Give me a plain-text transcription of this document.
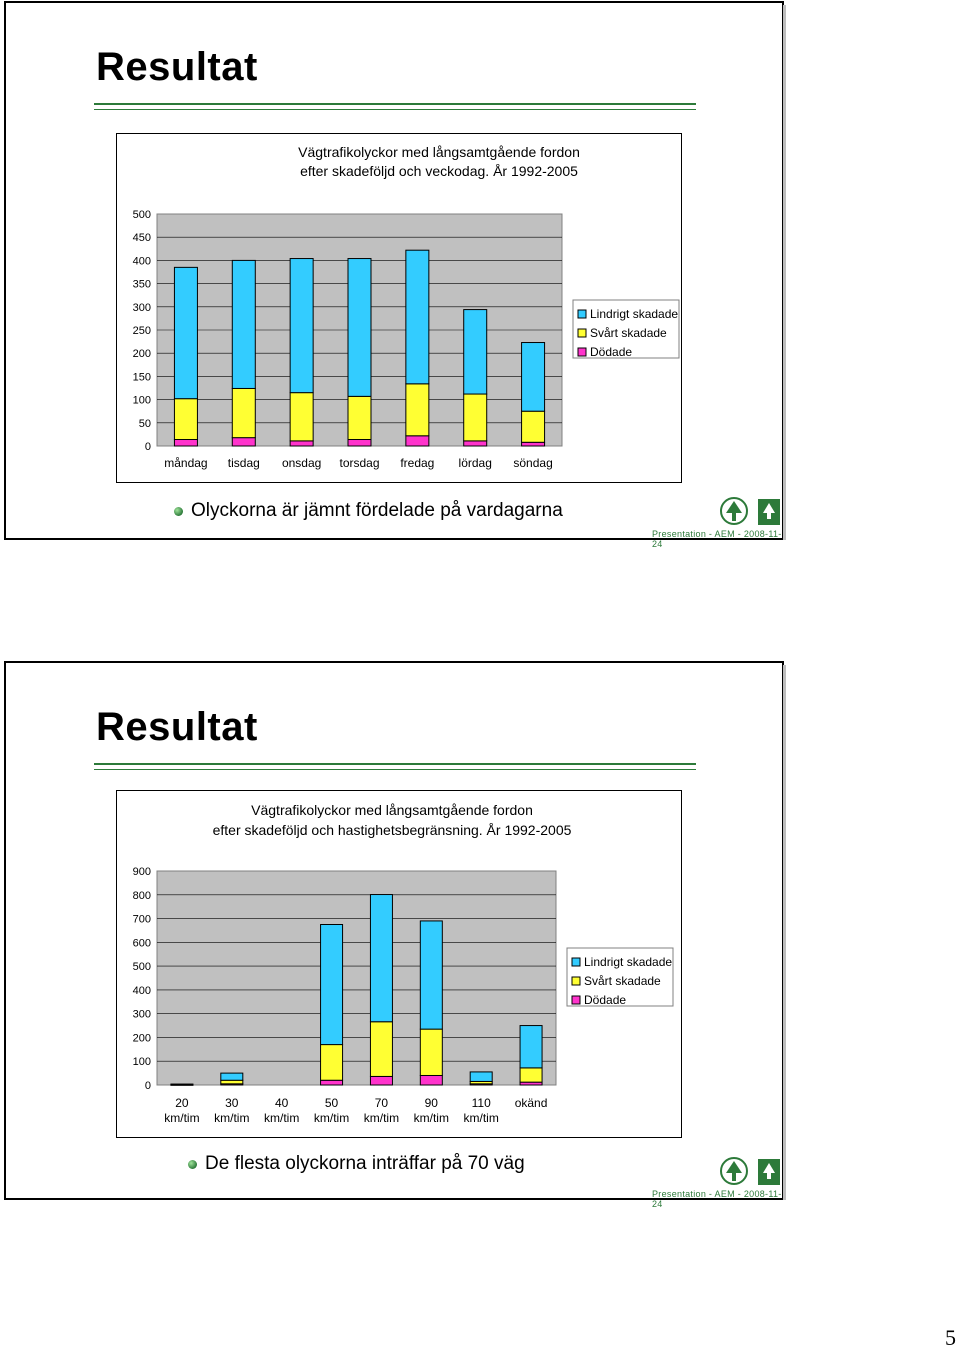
Resultat
Vägtrafikolyckor med långsamtgående fordon
efter skadeföljd och veckodag. År 1992-2005
0
50
100
150
200
250
300
350
400
450
500
måndag tisdag onsdag torsdag fredag lördag söndag
Lindrigt skadade
Svårt skadade
Dödade
Olyckorna är jämnt fördelade på vardagarna
Presentation - AEM - 2008-11-24
Resultat
Vägtrafikolyckor med långsamtgående fordon
efter skadeföljd och hastighetsbegränsning. År 1992-2005
0
100
200
300
400
500
600
700
800
900
20
km/tim
30
km/tim
40
km/tim
50
km/tim
70
km/tim
90
km/tim
110
km/tim
okänd
Lindrigt skadade
Svårt skadade
Dödade
De flesta olyckorna inträffar på 70 väg
Presentation - AEM - 2008-11-24
5
